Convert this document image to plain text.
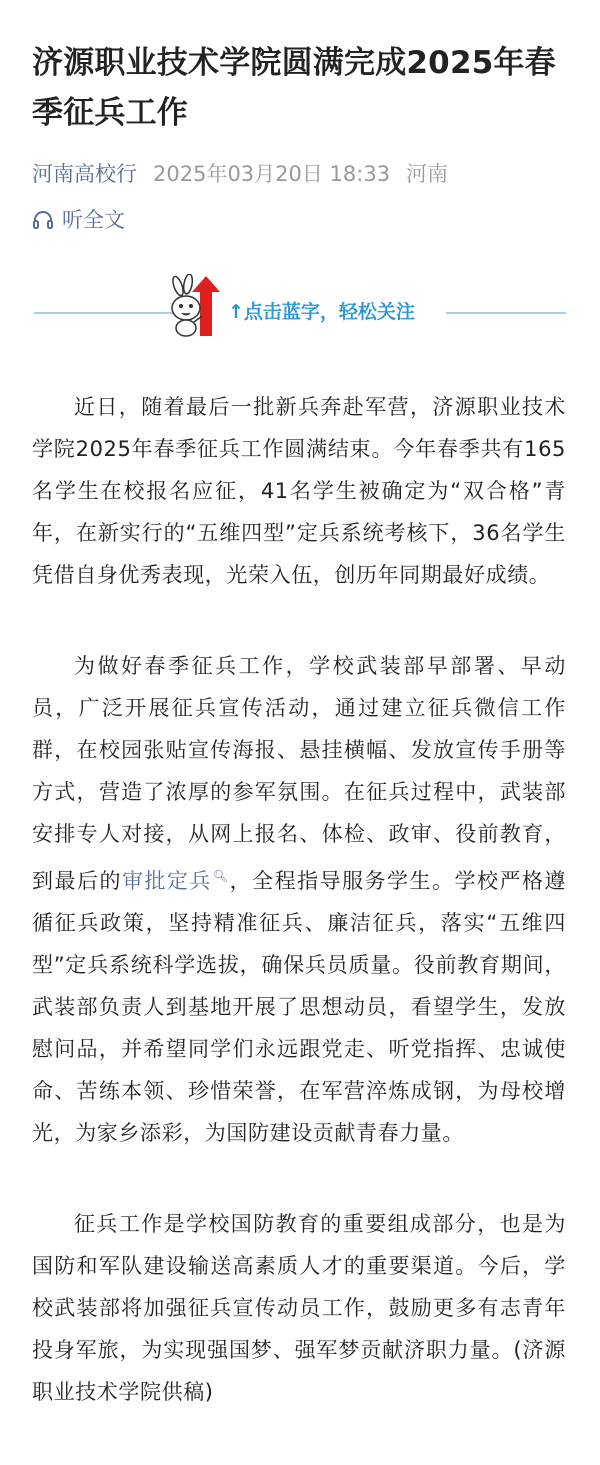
济源职业技术学院圆满完成2025年春季征兵工作
河南高校行 2025年03月20日 18:33 河南
听全文
↑点击蓝字，轻松关注

近日，随着最后一批新兵奔赴军营，济源职业技术学院2025年春季征兵工作圆满结束。今年春季共有165名学生在校报名应征，41名学生被确定为“双合格”青年，在新实行的“五维四型”定兵系统考核下，36名学生凭借自身优秀表现，光荣入伍，创历年同期最好成绩。

为做好春季征兵工作，学校武装部早部署、早动员，广泛开展征兵宣传活动，通过建立征兵微信工作群，在校园张贴宣传海报、悬挂横幅、发放宣传手册等方式，营造了浓厚的参军氛围。在征兵过程中，武装部安排专人对接，从网上报名、体检、政审、役前教育，到最后的审批定兵🔍︎，全程指导服务学生。学校严格遵循征兵政策，坚持精准征兵、廉洁征兵，落实“五维四型”定兵系统科学选拔，确保兵员质量。役前教育期间，武装部负责人到基地开展了思想动员，看望学生，发放慰问品，并希望同学们永远跟党走、听党指挥、忠诚使命、苦练本领、珍惜荣誉，在军营淬炼成钢，为母校增光，为家乡添彩，为国防建设贡献青春力量。

征兵工作是学校国防教育的重要组成部分，也是为国防和军队建设输送高素质人才的重要渠道。今后，学校武装部将加强征兵宣传动员工作，鼓励更多有志青年投身军旅，为实现强国梦、强军梦贡献济职力量。(济源职业技术学院供稿)
